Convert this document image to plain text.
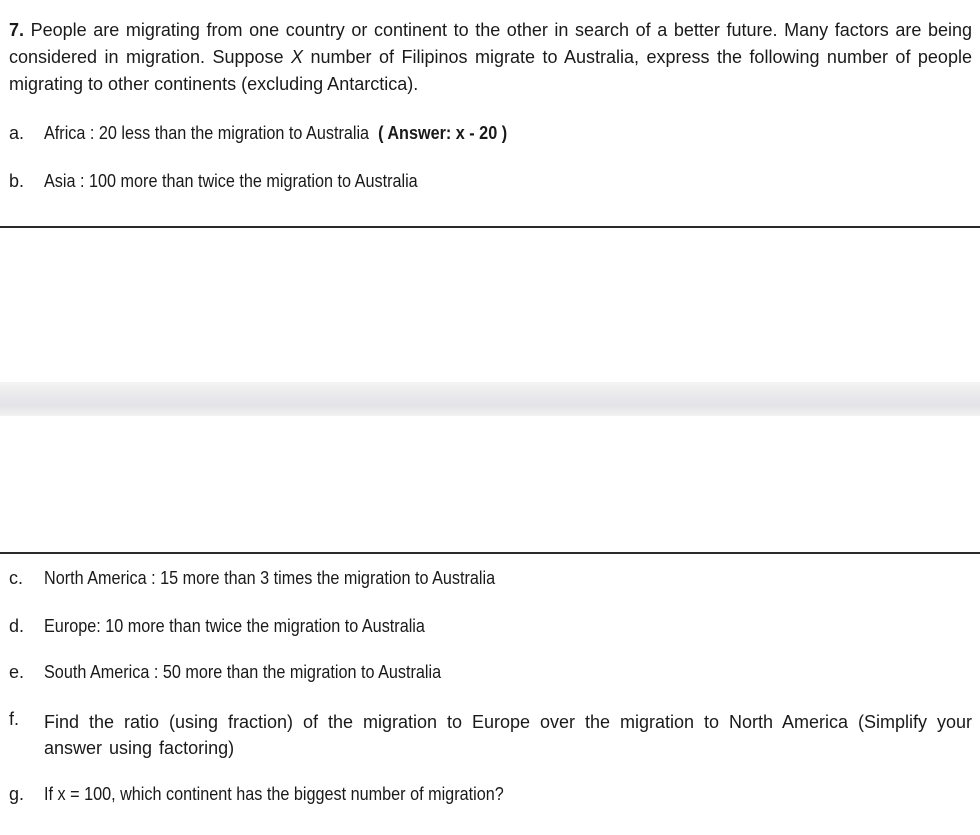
7. People are migrating from one country or continent to the other in search of a better future. Many factors are being considered in migration. Suppose X number of Filipinos migrate to Australia, express the following number of people migrating to other continents (excluding Antarctica).
a. Africa : 20 less than the migration to Australia ( Answer: x - 20 )
b. Asia : 100 more than twice the migration to Australia
c. North America : 15 more than 3 times the migration to Australia
d. Europe: 10 more than twice the migration to Australia
e. South America : 50 more than the migration to Australia
f. Find the ratio (using fraction) of the migration to Europe over the migration to North America (Simplify your answer using factoring)
g. If x = 100, which continent has the biggest number of migration?
